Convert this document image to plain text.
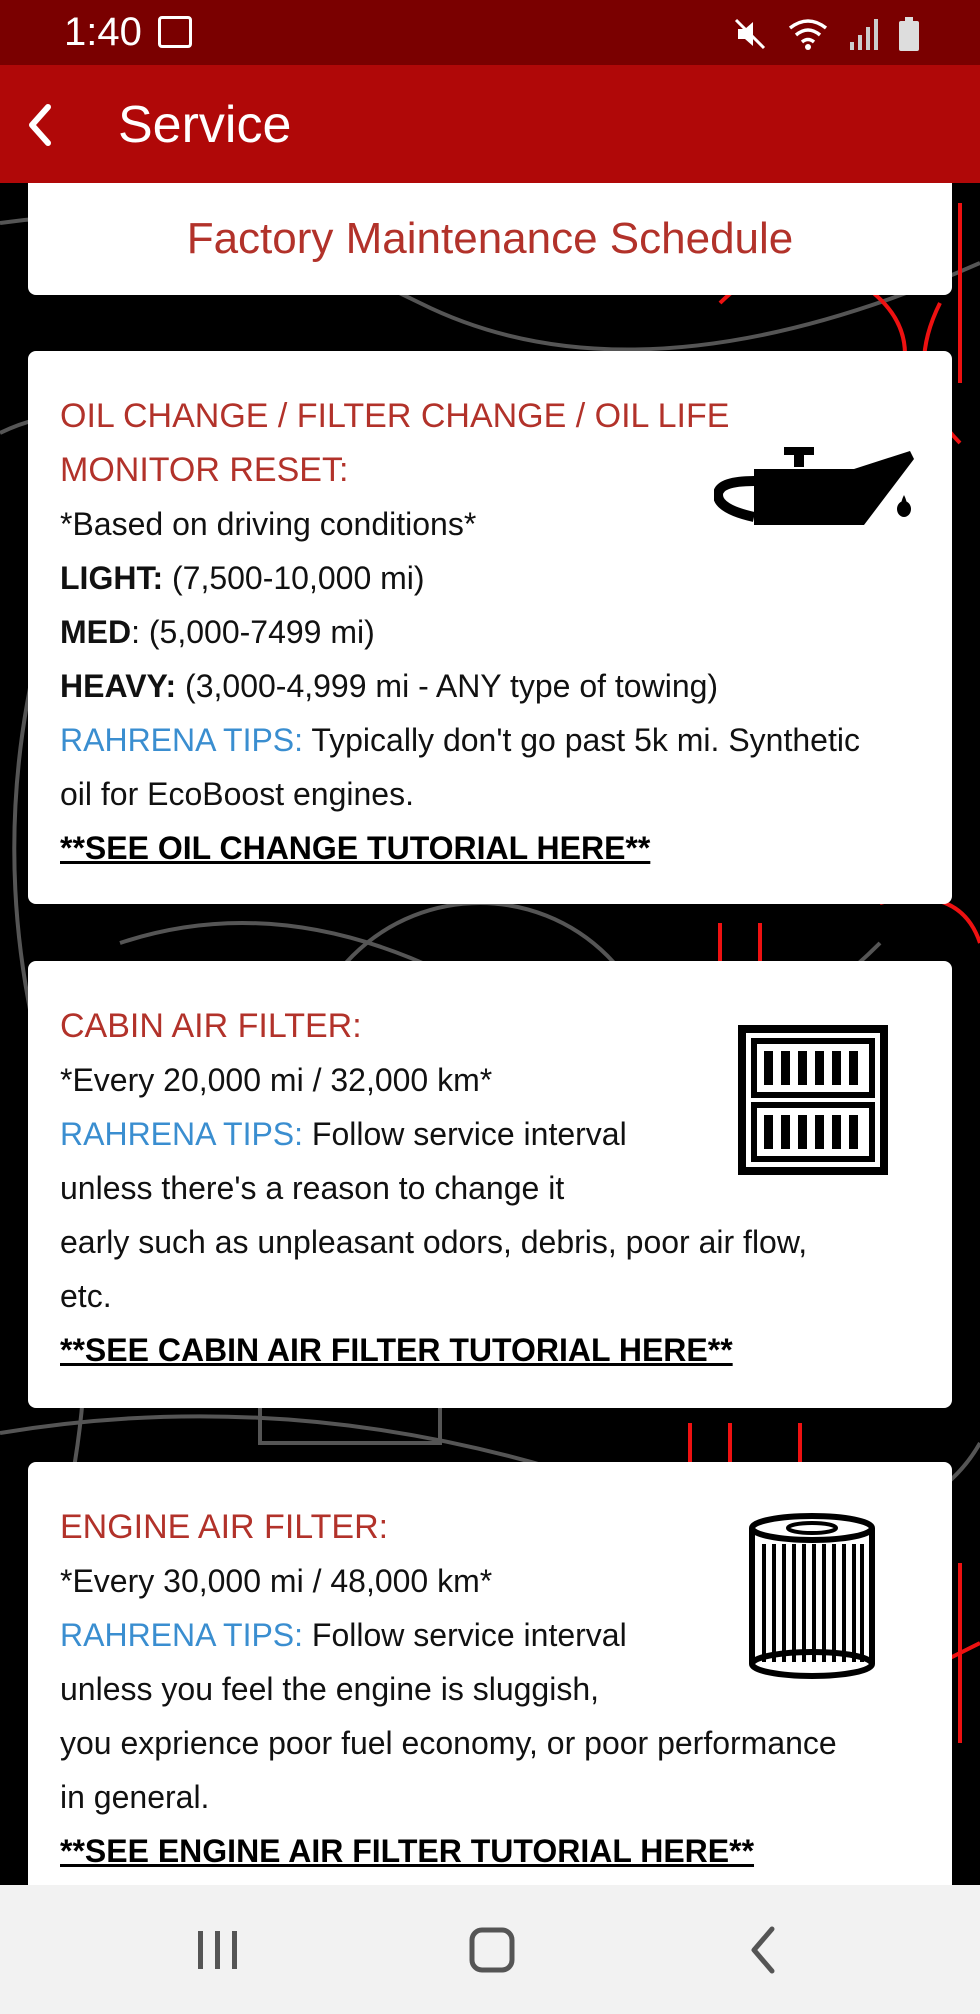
1:40
Service
Factory Maintenance Schedule
OIL CHANGE / FILTER CHANGE / OIL LIFE
MONITOR RESET:
*Based on driving conditions*
LIGHT: (7,500-10,000 mi)
MED: (5,000-7499 mi)
HEAVY: (3,000-4,999 mi - ANY type of towing)
RAHRENA TIPS: Typically don't go past 5k mi. Synthetic
oil for EcoBoost engines.
**SEE OIL CHANGE TUTORIAL HERE**
CABIN AIR FILTER:
*Every 20,000 mi / 32,000 km*
RAHRENA TIPS: Follow service interval
unless there's a reason to change it
early such as unpleasant odors, debris, poor air flow,
etc.
**SEE CABIN AIR FILTER TUTORIAL HERE**
ENGINE AIR FILTER:
*Every 30,000 mi / 48,000 km*
RAHRENA TIPS: Follow service interval
unless you feel the engine is sluggish,
you exprience poor fuel economy, or poor performance
in general.
**SEE ENGINE AIR FILTER TUTORIAL HERE**
